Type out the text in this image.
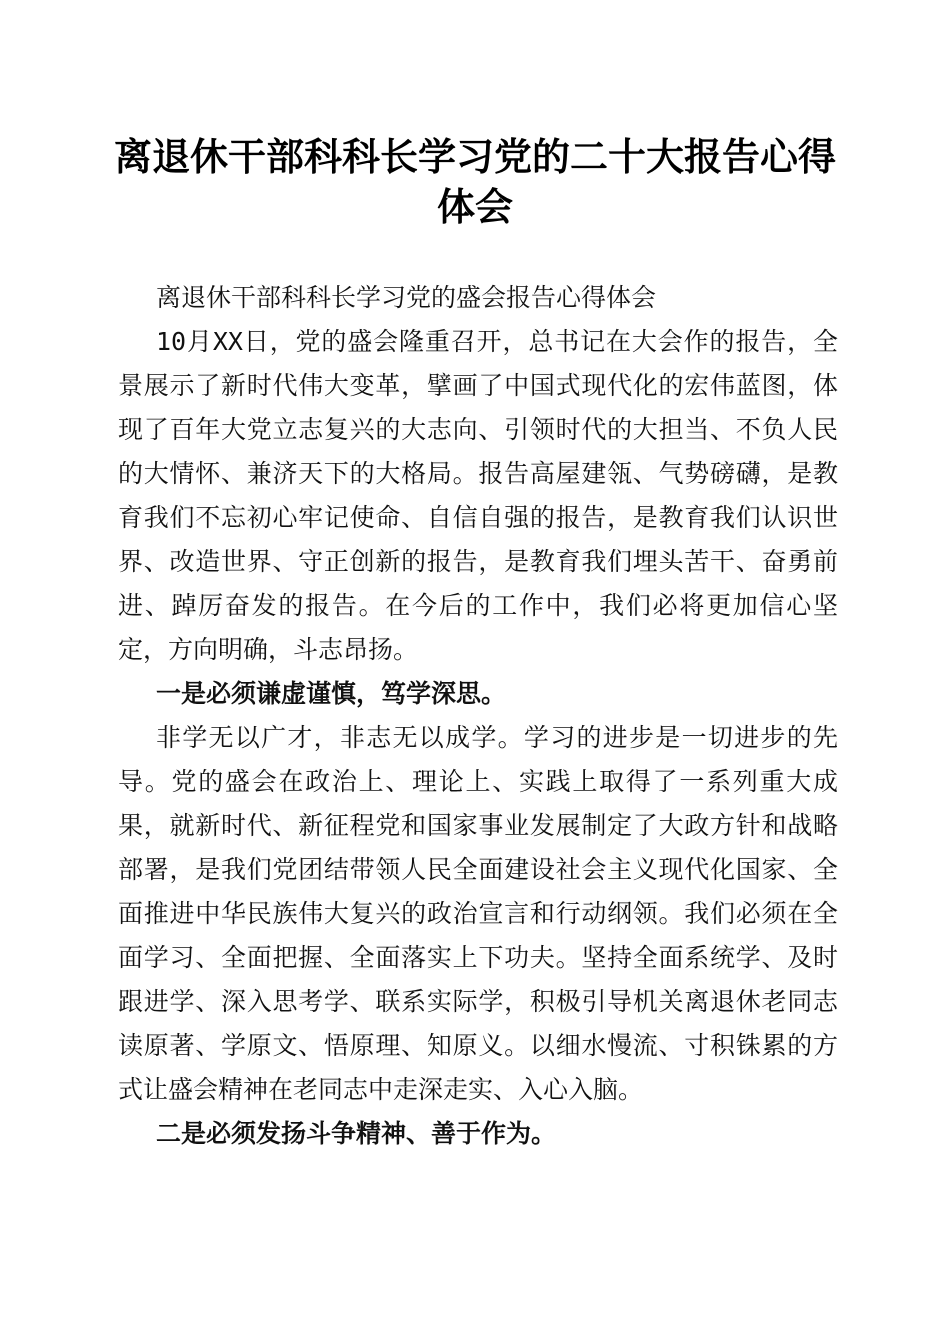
离退休干部科科长学习党的二十大报告心得体会

离退休干部科科长学习党的盛会报告心得体会

10月XX日，党的盛会隆重召开，总书记在大会作的报告，全景展示了新时代伟大变革，擘画了中国式现代化的宏伟蓝图，体现了百年大党立志复兴的大志向、引领时代的大担当、不负人民的大情怀、兼济天下的大格局。报告高屋建瓴、气势磅礴，是教育我们不忘初心牢记使命、自信自强的报告，是教育我们认识世界、改造世界、守正创新的报告，是教育我们埋头苦干、奋勇前进、踔厉奋发的报告。在今后的工作中，我们必将更加信心坚定，方向明确，斗志昂扬。

一是必须谦虚谨慎，笃学深思。

非学无以广才，非志无以成学。学习的进步是一切进步的先导。党的盛会在政治上、理论上、实践上取得了一系列重大成果，就新时代、新征程党和国家事业发展制定了大政方针和战略部署，是我们党团结带领人民全面建设社会主义现代化国家、全面推进中华民族伟大复兴的政治宣言和行动纲领。我们必须在全面学习、全面把握、全面落实上下功夫。坚持全面系统学、及时跟进学、深入思考学、联系实际学，积极引导机关离退休老同志读原著、学原文、悟原理、知原义。以细水慢流、寸积铢累的方式让盛会精神在老同志中走深走实、入心入脑。

二是必须发扬斗争精神、善于作为。
